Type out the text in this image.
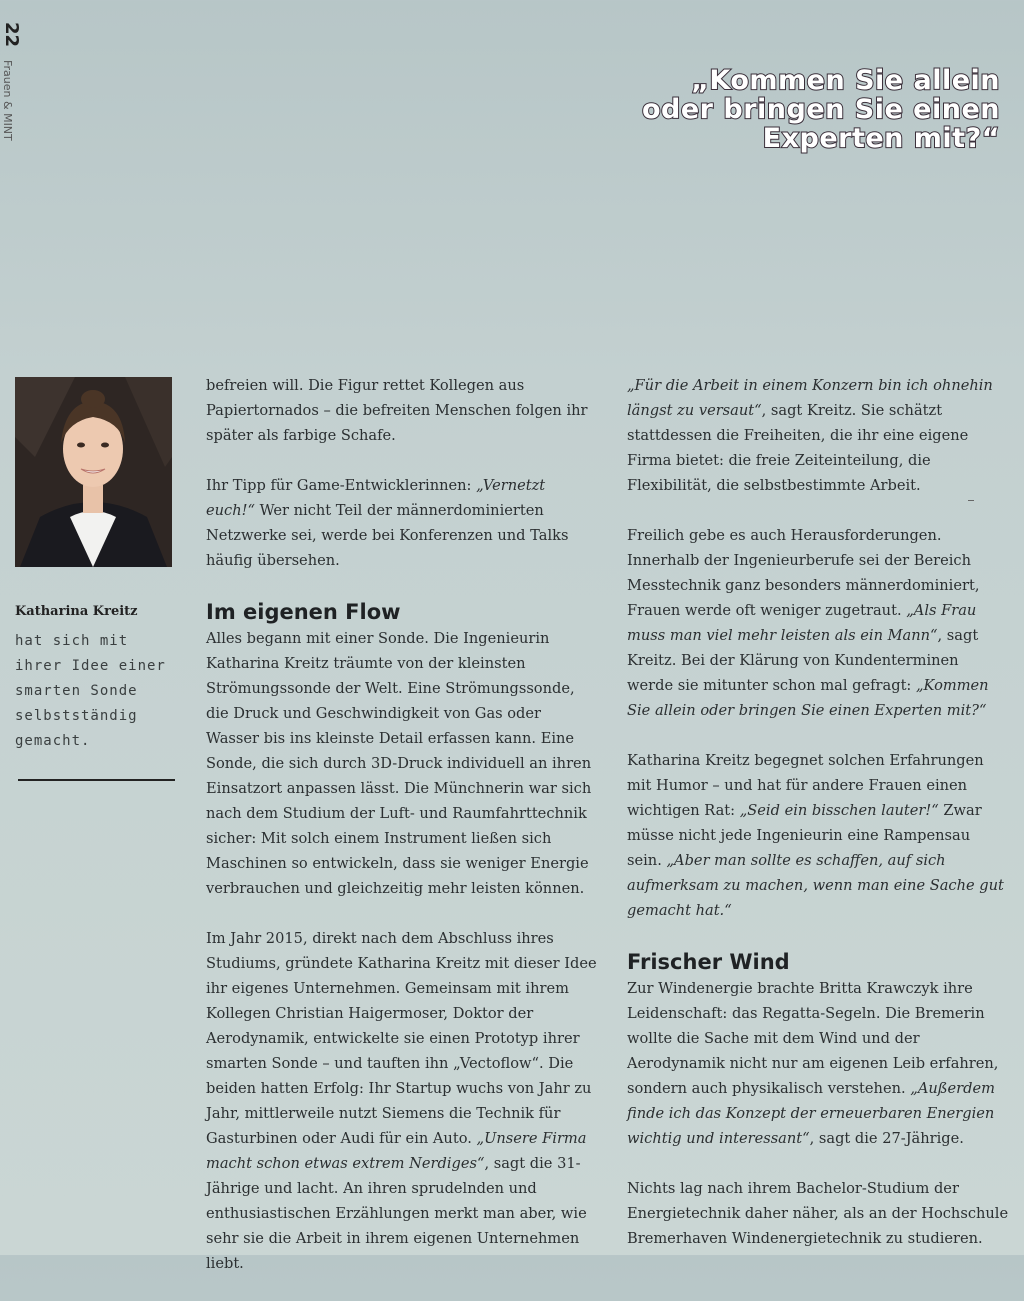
22
Frauen & MINT	„Kommen Sie allein
oder bringen Sie einen
Experten mit?“
Katharina Kreitz
hat sich mit
ihrer Idee einer
smarten Sonde
selbstständig
gemacht.

befreien will. Die Figur rettet Kollegen aus Papiertornados – die befreiten Menschen folgen ihr später als farbige Schafe.

Ihr Tipp für Game-Entwicklerinnen: „Vernetzt euch!“ Wer nicht Teil der männerdominierten Netzwerke sei, werde bei Konferenzen und Talks häufig übersehen.

Im eigenen Flow

Alles begann mit einer Sonde. Die Ingenieurin Katharina Kreitz träumte von der kleinsten Strömungssonde der Welt. Eine Strömungssonde, die Druck und Geschwindigkeit von Gas oder Wasser bis ins kleinste Detail erfassen kann. Eine Sonde, die sich durch 3D-Druck individuell an ihren Einsatzort anpassen lässt. Die Münchnerin war sich nach dem Studium der Luft- und Raumfahrttechnik sicher: Mit solch einem Instrument ließen sich Maschinen so entwickeln, dass sie weniger Energie verbrauchen und gleichzeitig mehr leisten können.

Im Jahr 2015, direkt nach dem Abschluss ihres Studiums, gründete Katharina Kreitz mit dieser Idee ihr eigenes Unternehmen. Gemeinsam mit ihrem Kollegen Christian Haigermoser, Doktor der Aerodynamik, entwickelte sie einen Prototyp ihrer smarten Sonde – und tauften ihn „Vectoflow“. Die beiden hatten Erfolg: Ihr Startup wuchs von Jahr zu Jahr, mittlerweile nutzt Siemens die Technik für Gasturbinen oder Audi für ein Auto. „Unsere Firma macht schon etwas extrem Nerdiges“, sagt die 31-Jährige und lacht. An ihren sprudelnden und enthusiastischen Erzählungen merkt man aber, wie sehr sie die Arbeit in ihrem eigenen Unternehmen liebt.

„Für die Arbeit in einem Konzern bin ich ohnehin längst zu versaut“, sagt Kreitz. Sie schätzt stattdessen die Freiheiten, die ihr eine eigene Firma bietet: die freie Zeiteinteilung, die Flexibilität, die selbstbestimmte Arbeit.

Freilich gebe es auch Herausforderungen. Innerhalb der Ingenieurberufe sei der Bereich Messtechnik ganz besonders männerdominiert, Frauen werde oft weniger zugetraut. „Als Frau muss man viel mehr leisten als ein Mann“, sagt Kreitz. Bei der Klärung von Kundenterminen werde sie mitunter schon mal gefragt: „Kommen Sie allein oder bringen Sie einen Experten mit?“

Katharina Kreitz begegnet solchen Erfahrungen mit Humor – und hat für andere Frauen einen wichtigen Rat: „Seid ein bisschen lauter!“ Zwar müsse nicht jede Ingenieurin eine Rampensau sein. „Aber man sollte es schaffen, auf sich aufmerksam zu machen, wenn man eine Sache gut gemacht hat.“

Frischer Wind

Zur Windenergie brachte Britta Krawczyk ihre Leidenschaft: das Regatta-Segeln. Die Bremerin wollte die Sache mit dem Wind und der Aerodynamik nicht nur am eigenen Leib erfahren, sondern auch physikalisch verstehen. „Außerdem finde ich das Konzept der erneuerbaren Energien wichtig und interessant“, sagt die 27-Jährige.

Nichts lag nach ihrem Bachelor-Studium der Energietechnik daher näher, als an der Hochschule Bremerhaven Windenergietechnik zu studieren.
